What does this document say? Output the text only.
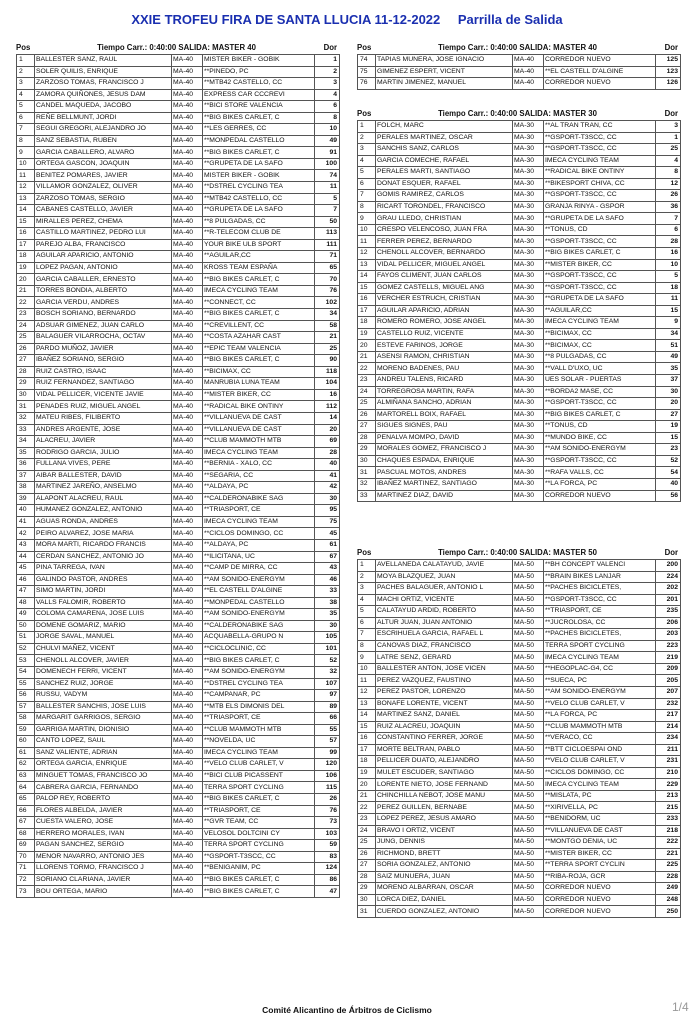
XXIE TROFEU FIRA DE SANTA LLUCIA 11-12-2022 Parrilla de Salida
Pos	Tiempo Carr.: 0:40:00 SALIDA: MASTER 40	Dor
1	BALLESTER SANZ, RAUL	MA-40	MISTER BIKER - GOBIK	1
2	SOLER QUILIS, ENRIQUE	MA-40	**PINEDO, PC	2
3	ZARZOSO TOMAS, FRANCISCO J	MA-40	**MTB42 CASTELLO, CC	3
4	ZAMORA QUIÑONES, JESUS DAM	MA-40	EXPRESS CAR CCCREVI	4
5	CANDEL MAQUEDA, JACOBO	MA-40	**BICI STORE VALENCIA	6
6	REÑE BELLMUNT, JORDI	MA-40	**BIG BIKES CARLET, C	8
7	SEGUI GREGORI, ALEJANDRO JO	MA-40	**LES GERRES, CC	10
8	SANZ SEBASTIA, RUBEN	MA-40	**MONPEDAL CASTELLO	49
9	GARCIA CABALLERO, ALVARO	MA-40	**BIG BIKES CARLET, C	91
10	ORTEGA GASCON, JOAQUIN	MA-40	**GRUPETA DE LA SAFO	100
11	BENITEZ POMARES, JAVIER	MA-40	MISTER BIKER - GOBIK	74
12	VILLAMOR GONZALEZ, OLIVER	MA-40	**DSTREL CYCLING TEA	11
13	ZARZOSO TOMAS, SERGIO	MA-40	**MTB42 CASTELLO, CC	5
14	CABANES CASTELLO, JAVIER	MA-40	**GRUPETA DE LA SAFO	7
15	MIRALLES PEREZ, CHEMA	MA-40	**8 PULGADAS, CC	50
16	CASTILLO MARTINEZ, PEDRO LUI	MA-40	**R-TELECOM CLUB DE	113
17	PAREJO ALBA, FRANCISCO	MA-40	YOUR BIKE ULB SPORT	111
18	AGUILAR APARICIO, ANTONIO	MA-40	**AGUILAR,CC	71
19	LOPEZ PAGAN, ANTONIO	MA-40	KROSS TEAM ESPAÑA	65
20	GARCIA CABALLER, ERNESTO	MA-40	**BIG BIKES CARLET, C	70
21	TORRES BONDIA, ALBERTO	MA-40	IMECA CYCLING TEAM	76
22	GARCIA VERDU, ANDRES	MA-40	**CONNECT, CC	102
23	BOSCH SORIANO, BERNARDO	MA-40	**BIG BIKES CARLET, C	34
24	ADSUAR GIMENEZ, JUAN CARLO	MA-40	**CREVILLENT, CC	58
25	BALAGUER VILARROCHA, OCTAV	MA-40	**COSTA AZAHAR CAST	21
26	PARDO MUÑOZ, JAVIER	MA-40	**EPIC TEAM VALENCIA	25
27	IBAÑEZ SORIANO, SERGIO	MA-40	**BIG BIKES CARLET, C	90
28	RUIZ CASTRO, ISAAC	MA-40	**BICIMAX, CC	118
29	RUIZ FERNANDEZ, SANTIAGO	MA-40	MANRUBIA LUNA TEAM	104
30	VIDAL PELLICER, VICENTE JAVIE	MA-40	**MISTER BIKER, CC	16
31	PENADES RUIZ, MIGUEL ANGEL	MA-40	**RADICAL BIKE ONTINY	112
32	MATEU RIBES, FILIBERTO	MA-40	**VILLANUEVA DE CAST	14
33	ANDRES ARGENTE, JOSE	MA-40	**VILLANUEVA DE CAST	20
34	ALACREU, JAVIER	MA-40	**CLUB MAMMOTH MTB	69
35	RODRIGO GARCIA, JULIO	MA-40	IMECA CYCLING TEAM	28
36	FULLANA VIVES, PERE	MA-40	**BERNIA - XALO, CC	40
37	AIBAR BALLESTER, DAVID	MA-40	**SEGARIA, CC	41
38	MARTINEZ JAREÑO, ANSELMO	MA-40	**ALDAYA, PC	42
39	ALAPONT ALACREU, RAUL	MA-40	**CALDERONABIKE SAG	30
40	HUMANEZ GONZALEZ, ANTONIO	MA-40	**TRIASPORT, CE	95
41	AGUAS RONDA, ANDRES	MA-40	IMECA CYCLING TEAM	75
42	PEIRO ALVAREZ, JOSE MARIA	MA-40	**CICLOS DOMINGO, CC	45
43	MORA MARTI, RICARDO FRANCIS	MA-40	**ALDAYA, PC	61
44	CERDAN SANCHEZ, ANTONIO JO	MA-40	**ILICITANA, UC	67
45	PINA TARREGA, IVAN	MA-40	**CAMP DE MIRRA, CC	43
46	GALINDO PASTOR, ANDRES	MA-40	**AM SONIDO-ENERGYM	46
47	SIMO MARTIN, JORDI	MA-40	**EL CASTELL D'ALGINE	33
48	VALLS FALOMIR, ROBERTO	MA-40	**MONPEDAL CASTELLO	38
49	COLOMA CAMARENA, JOSE LUIS	MA-40	**AM SONIDO-ENERGYM	35
50	DOMENE GOMARIZ, MARIO	MA-40	**CALDERONABIKE SAG	30
51	JORGE SAVAL, MANUEL	MA-40	ACQUABELLA-GRUPO N	105
52	CHULVI MAÑEZ, VICENT	MA-40	**CICLOCLINIC, CC	101
53	CHENOLL ALCOVER, JAVIER	MA-40	**BIG BIKES CARLET, C	52
54	DOMENECH FERRI, VICENT	MA-40	**AM SONIDO-ENERGYM	32
55	SANCHEZ RUIZ, JORGE	MA-40	**DSTREL CYCLING TEA	107
56	RUSSU, VADYM	MA-40	**CAMPANAR, PC	97
57	BALLESTER SANCHIS, JOSE LUIS	MA-40	**MTB ELS DIMONIS DEL	89
58	MARGARIT GARRIGOS, SERGIO	MA-40	**TRIASPORT, CE	66
59	GARRIGA MARTIN, DIONISIO	MA-40	**CLUB MAMMOTH MTB	55
60	CANTO LOPEZ, SAUL	MA-40	**NOVELDA, UC	57
61	SANZ VALIENTE, ADRIAN	MA-40	IMECA CYCLING TEAM	99
62	ORTEGA GARCIA, ENRIQUE	MA-40	**VELO CLUB CARLET, V	120
63	MINGUET TOMAS, FRANCISCO JO	MA-40	**BICI CLUB PICASSENT	106
64	CABRERA GARCIA, FERNANDO	MA-40	TERRA SPORT CYCLING	115
65	PALOP REY, ROBERTO	MA-40	**BIG BIKES CARLET, C	26
66	FLORES ALBELDA, JAVIER	MA-40	**TRIASPORT, CE	76
67	CUESTA VALERO, JOSE	MA-40	**GVR TEAM, CC	73
68	HERRERO MORALES, IVAN	MA-40	VELOSOL DOLTCINI CY	103
69	PAGAN SANCHEZ, SERGIO	MA-40	TERRA SPORT CYCLING	59
70	MENOR NAVARRO, ANTONIO JES	MA-40	**GSPORT-T3SCC, CC	83
71	LLORENS TORMO, FRANCISCO J	MA-40	**BENIGANIM, PC	124
72	SORIANO CLARIANA, JAVIER	MA-40	**BIG BIKES CARLET, C	86
73	BOU ORTEGA, MARIO	MA-40	**BIG BIKES CARLET, C	47
Pos	Tiempo Carr.: 0:40:00 SALIDA: MASTER 40	Dor
74	TAPIAS MUNERA, JOSE IGNACIO	MA-40	CORREDOR NUEVO	125
75	GIMENEZ ESPERT, VICENT	MA-40	**EL CASTELL D'ALGINE	123
76	MARTIN JIMENEZ, MANUEL	MA-40	CORREDOR NUEVO	126
Pos	Tiempo Carr.: 0:40:00 SALIDA: MASTER 30	Dor
1	FOLCH, MARC	MA-30	**AL TRAN TRAN, CC	3
2	PERALES MARTINEZ, OSCAR	MA-30	**GSPORT-T3SCC, CC	1
3	SANCHIS SANZ, CARLOS	MA-30	**GSPORT-T3SCC, CC	25
4	GARCIA COMECHE, RAFAEL	MA-30	IMECA CYCLING TEAM	4
5	PERALES MARTI, SANTIAGO	MA-30	**RADICAL BIKE ONTINY	8
6	DONAT ESQUER, RAFAEL	MA-30	**BIKESPORT CHIVA, CC	12
7	GOMIS RAMIREZ, CARLOS	MA-30	**GSPORT-T3SCC, CC	26
8	RICART TORONDEL, FRANCISCO	MA-30	GRANJA RINYA - GSPOR	36
9	GRAU LLEDO, CHRISTIAN	MA-30	**GRUPETA DE LA SAFO	7
10	CRESPO VELENCOSO, JUAN FRA	MA-30	**TONUS, CD	6
11	FERRER PEREZ, BERNARDO	MA-30	**GSPORT-T3SCC, CC	28
12	CHENOLL ALCOVER, BERNARDO	MA-30	**BIG BIKES CARLET, C	16
13	VIDAL PELLICER, MIGUEL ANGEL	MA-30	**MISTER BIKER, CC	10
14	FAYOS CLIMENT, JUAN CARLOS	MA-30	**GSPORT-T3SCC, CC	5
15	GOMEZ CASTELLS, MIGUEL ANG	MA-30	**GSPORT-T3SCC, CC	18
16	VERCHER ESTRUCH, CRISTIAN	MA-30	**GRUPETA DE LA SAFO	11
17	AGUILAR APARICIO, ADRIAN	MA-30	**AGUILAR,CC	15
18	ROMERO ROMERO, JOSE ANGEL	MA-30	IMECA CYCLING TEAM	9
19	CASTELLO RUIZ, VICENTE	MA-30	**BICIMAX, CC	34
20	ESTEVE FARINOS, JORGE	MA-30	**BICIMAX, CC	51
21	ASENSI RAMON, CHRISTIAN	MA-30	**8 PULGADAS, CC	49
22	MORENO BADENES, PAU	MA-30	**VALL D'UXO, UC	35
23	ANDREU TALENS, RICARD	MA-30	UES SOLAR - PUERTAS	37
24	TORREGROSA MARTIN, RAFA	MA-30	**BORDA2 MASE, CC	30
25	ALMIÑANA SANCHO, ADRIAN	MA-30	**GSPORT-T3SCC, CC	20
26	MARTORELL BOIX, RAFAEL	MA-30	**BIG BIKES CARLET, C	27
27	SIGUES SIGNES, PAU	MA-30	**TONUS, CD	19
28	PENALVA MOMPO, DAVID	MA-30	**MUNDO BIKE, CC	15
29	MORALES GOMEZ, FRANCISCO J	MA-30	**AM SONIDO-ENERGYM	23
30	CHAQUES ESPADA, ENRIQUE	MA-30	**GSPORT-T3SCC, CC	52
31	PASCUAL MOTOS, ANDRES	MA-30	**RAFA VALLS, CC	54
32	IBAÑEZ MARTINEZ, SANTIAGO	MA-30	**LA FORCA, PC	40
33	MARTINEZ DIAZ, DAVID	MA-30	CORREDOR NUEVO	56
Pos	Tiempo Carr.: 0:40:00 SALIDA: MASTER 50	Dor
1	AVELLANEDA CALATAYUD, JAVIE	MA-50	**BH CONCEPT VALENCI	200
2	MOYA BLAZQUEZ, JUAN	MA-50	**BRAIN BIKES LANJAR	224
3	PACHES BALAGUER, ANTONIO L	MA-50	**PACHES BICICLETES,	202
4	MACHI ORTIZ, VICENTE	MA-50	**GSPORT-T3SCC, CC	201
5	CALATAYUD ARDID, ROBERTO	MA-50	**TRIASPORT, CE	235
6	ALTUR JUAN, JUAN ANTONIO	MA-50	**JUCROLOSA, CC	206
7	ESCRIHUELA GARCIA, RAFAEL L	MA-50	**PACHES BICICLETES,	203
8	CANOVAS DIAZ, FRANCISCO	MA-50	TERRA SPORT CYCLING	223
9	LATRE SENZ, GERARD	MA-50	IMECA CYCLING TEAM	219
10	BALLESTER ANTON, JOSE VICEN	MA-50	**HEGOPLAC-G4, CC	209
11	PEREZ VAZQUEZ, FAUSTINO	MA-50	**SUECA, PC	205
12	PEREZ PASTOR, LORENZO	MA-50	**AM SONIDO-ENERGYM	207
13	BONAFE LORENTE, VICENT	MA-50	**VELO CLUB CARLET, V	232
14	MARTINEZ SANZ, DANIEL	MA-50	**LA FORCA, PC	217
15	RUIZ ALACREU, JOAQUIN	MA-50	**CLUB MAMMOTH MTB	214
16	CONSTANTINO FERRER, JORGE	MA-50	**VERACO, CC	234
17	MORTE BELTRAN, PABLO	MA-50	**BTT CICLOESPAI OND	211
18	PELLICER DUATO, ALEJANDRO	MA-50	**VELO CLUB CARLET, V	231
19	MULET ESCUDER, SANTIAGO	MA-50	**CICLOS DOMINGO, CC	210
20	LORENTE NIETO, JOSE FERNAND	MA-50	IMECA CYCLING TEAM	229
21	CHINCHILLA NEBOT, JOSE MANU	MA-50	**MISLATA, PC	213
22	PEREZ GUILLEN, BERNABE	MA-50	**XIRIVELLA, PC	215
23	LOPEZ PEREZ, JESUS AMARO	MA-50	**BENIDORM, UC	233
24	BRAVO I ORTIZ, VICENT	MA-50	**VILLANUEVA DE CAST	218
25	JUNG, DENNIS	MA-50	**MONTGO DENIA, UC	222
26	RICHMOND, BRETT	MA-50	**MISTER BIKER, CC	221
27	SORIA GONZALEZ, ANTONIO	MA-50	**TERRA SPORT CYCLIN	225
28	SAIZ MUNUERA, JUAN	MA-50	**RIBA-ROJA, GCR	228
29	MORENO ALBARRAN, OSCAR	MA-50	CORREDOR NUEVO	249
30	LORCA DIEZ, DANIEL	MA-50	CORREDOR NUEVO	248
31	CUERDO GONZALEZ, ANTONIO	MA-50	CORREDOR NUEVO	250
Comité Alicantino de Árbitros de Ciclismo	1/4
